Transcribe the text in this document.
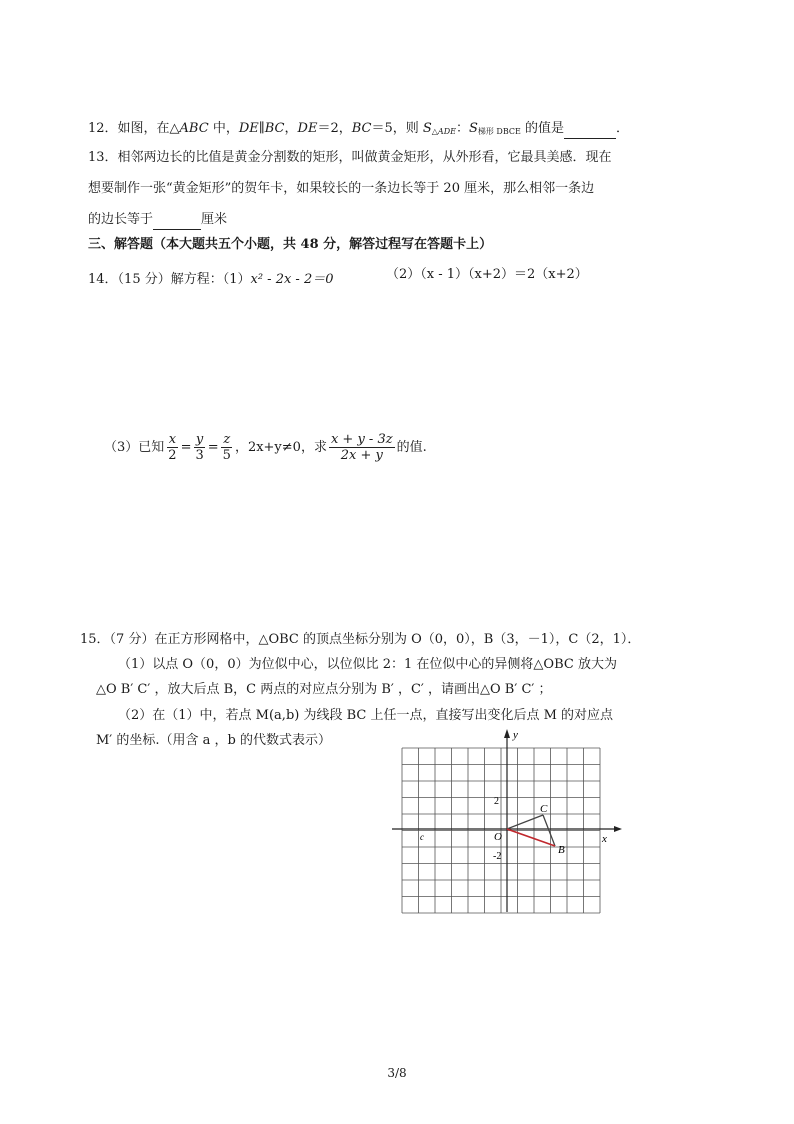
12．如图，在△ABC 中，DE∥BC，DE＝2，BC＝5，则 $S_{\triangle ADE}$：$S_{梯形 DBCE}$ 的值是	．
13．相邻两边长的比值是黄金分割数的矩形，叫做黄金矩形，从外形看，它最具美感．现在
想要制作一张“黄金矩形”的贺年卡，如果较长的一条边长等于 20 厘米，那么相邻一条边
的边长等于	厘米
三、解答题（本大题共五个小题，共 48 分，解答过程写在答题卡上）
14．（15 分）解方程：（1）x² - 2x - 2＝0	（2）（x - 1）（x+2）＝2（x+2）
（3）已知 $\frac{x}{2} = \frac{y}{3} = \frac{z}{5}$ ，2x+y≠0，求 $\frac{x + y - 3z}{2x + y}$ 的值.
15．（7 分）在正方形网格中，△OBC 的顶点坐标分别为 O（0，0），B（3，－1），C（2，1）．
（1）以点 O（0，0）为位似中心，以位似比 2：1 在位似中心的异侧将△OBC 放大为
△O B′ C′ ，放大后点 B，C 两点的对应点分别为 B′ ，C′ ，请画出△O B′ C′ ；
（2）在（1）中，若点 M(a,b) 为线段 BC 上任一点，直接写出变化后点 M 的对应点
M′ 的坐标.（用含 a ，b 的代数式表示）	y
x
O
2
-2
c
C
B
3/8
